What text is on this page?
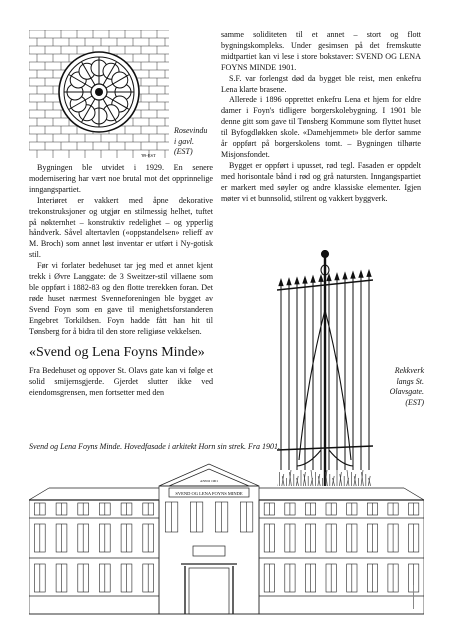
'89-EST

Rosevindu

i gavl.

(EST)

Bygningen ble utvidet i 1929. En senere modernisering har vært noe brutal mot det opprinnelige inngangspartiet.

Interiøret er vakkert med åpne dekorative trekonstruksjoner og utgjør en stilmessig helhet, tuftet på nøkternhet – konstruktiv redelighet – og ypperlig håndverk. Såvel altertavlen («oppstandelsen» relieff av M. Broch) som annet løst inventar er utført i Ny-gotisk stil.

Før vi forlater bedehuset tar jeg med et annet kjent trekk i Øvre Langgate: de 3 Sweitzer-stil villaene som ble oppført i 1882-83 og den flotte trerekken foran. Det røde huset nærmest Svenneforeningen ble bygget av Svend Foyn som en gave til menighetsforstanderen Engebret Torkildsen. Foyn hadde fått han hit til Tønsberg for å bidra til den store religiøse vekkelsen.

«Svend og Lena Foyns Minde»

Fra Bedehuset og oppover St. Olavs gate kan vi følge et solid smijernsgjerde. Gjerdet slutter ikke ved eiendomsgrensen, men fortsetter med den

samme soliditeten til et annet – stort og flott bygningskompleks. Under gesimsen på det fremskutte midtpartiet kan vi lese i store bokstaver: SVEND OG LENA FOYNS MINDE 1901.

S.F. var forlengst død da bygget ble reist, men enkefru Lena klarte brasene.

Allerede i 1896 opprettet enkefru Lena et hjem for eldre damer i Foyn's tidligere borgerskolebygning. I 1901 ble denne gitt som gave til Tønsberg Kommune som flyttet huset til Byfogdløkken skole. «Damehjemmet» ble derfor samme år oppført på borgerskolens tomt. – Bygningen tilhørte Misjonsfondet.

Bygget er oppført i upusset, rød tegl. Fasaden er oppdelt med horisontale bånd i rød og grå natursten. Inngangspartiet er markert med søyler og andre klassiske elementer. Igjen møter vi et bunnsolid, stilrent og vakkert byggverk.

Rekkverk

langs St.

Olavsgate.

(EST)

Svend og Lena Foyns Minde. Hovedfasade i arkitekt Horn sin strek. Fra 1901.

SVEND OG LENA FOYNS MINDE
ANNO 1901
